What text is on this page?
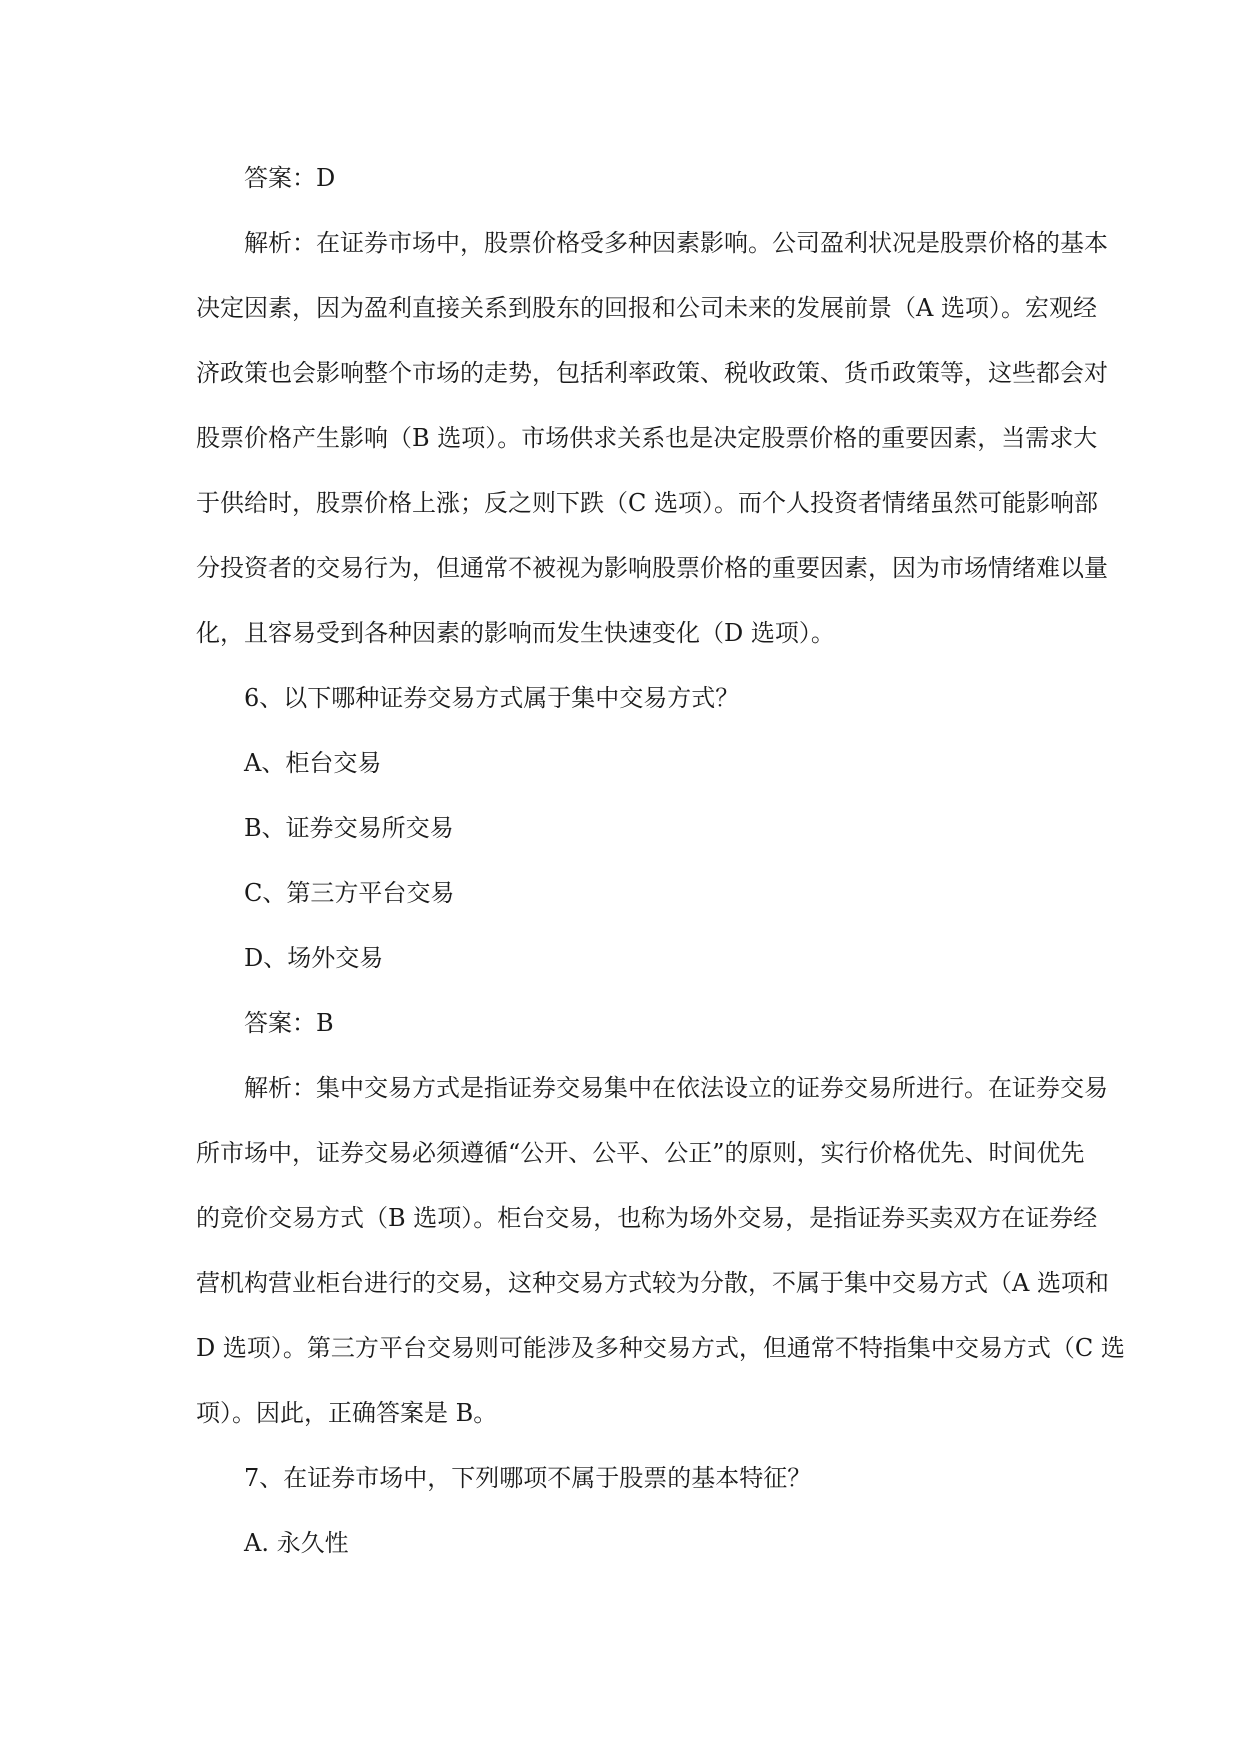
答案：D

解析：在证券市场中，股票价格受多种因素影响。公司盈利状况是股票价格的基本

决定因素，因为盈利直接关系到股东的回报和公司未来的发展前景（A 选项）。宏观经

济政策也会影响整个市场的走势，包括利率政策、税收政策、货币政策等，这些都会对

股票价格产生影响（B 选项）。市场供求关系也是决定股票价格的重要因素，当需求大

于供给时，股票价格上涨；反之则下跌（C 选项）。而个人投资者情绪虽然可能影响部

分投资者的交易行为，但通常不被视为影响股票价格的重要因素，因为市场情绪难以量

化，且容易受到各种因素的影响而发生快速变化（D 选项）。

6、以下哪种证券交易方式属于集中交易方式？

A、柜台交易

B、证券交易所交易

C、第三方平台交易

D、场外交易

答案：B

解析：集中交易方式是指证券交易集中在依法设立的证券交易所进行。在证券交易

所市场中，证券交易必须遵循“公开、公平、公正”的原则，实行价格优先、时间优先

的竞价交易方式（B 选项）。柜台交易，也称为场外交易，是指证券买卖双方在证券经

营机构营业柜台进行的交易，这种交易方式较为分散，不属于集中交易方式（A 选项和

D 选项）。第三方平台交易则可能涉及多种交易方式，但通常不特指集中交易方式（C 选

项）。因此，正确答案是 B。

7、在证券市场中，下列哪项不属于股票的基本特征？

A. 永久性
